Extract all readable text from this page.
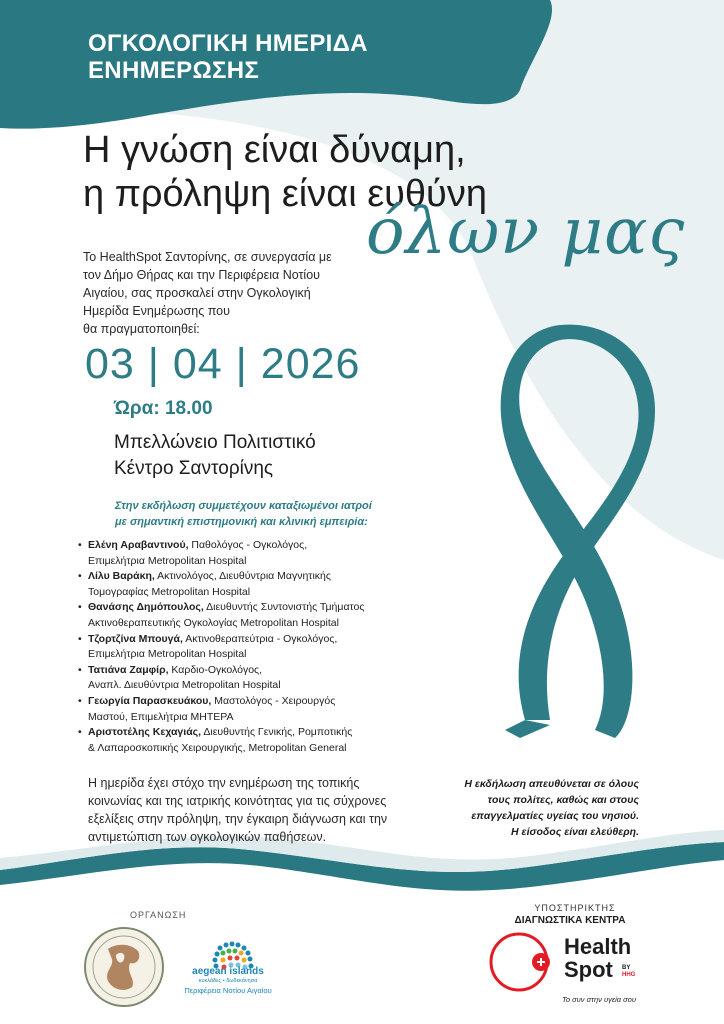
ΟΓΚΟΛΟΓΙΚΗ ΗΜΕΡΙΔΑ
ΕΝΗΜΕΡΩΣΗΣ
Η γνώση είναι δύναμη,
η πρόληψη είναι ευθύνη
όλων μας
Το HealthSpot Σαντορίνης, σε συνεργασία με
τον Δήμο Θήρας και την Περιφέρεια Νοτίου
Αιγαίου, σας προσκαλεί στην Ογκολογική
Ημερίδα Ενημέρωσης που
θα πραγματοποιηθεί:
03 | 04 | 2026
Ώρα: 18.00
Μπελλώνειο Πολιτιστικό
Κέντρο Σαντορίνης
Στην εκδήλωση συμμετέχουν καταξιωμένοι ιατροί
με σημαντική επιστημονική και κλινική εμπειρία:
• Ελένη Αραβαντινού, Παθολόγος - Ογκολόγος,
Επιμελήτρια Metropolitan Hospital
• Λίλυ Βαράκη, Ακτινολόγος, Διευθύντρια Μαγνητικής
Τομογραφίας Metropolitan Hospital
• Θανάσης Δημόπουλος, Διευθυντής Συντονιστής Τμήματος
Ακτινοθεραπευτικής Ογκολογίας Metropolitan Hospital
• Τζορτζίνα Μπουγά, Ακτινοθεραπεύτρια - Ογκολόγος,
Επιμελήτρια Metropolitan Hospital
• Τατιάνα Ζαμφίρ, Καρδιο-Ογκολόγος,
Αναπλ. Διευθύντρια Metropolitan Hospital
• Γεωργία Παρασκευάκου, Μαστολόγος - Χειρουργός
Μαστού, Επιμελήτρια ΜΗΤΕΡΑ
• Αριστοτέλης Κεχαγιάς, Διευθυντής Γενικής, Ρομποτικής
& Λαπαροσκοπικής Χειρουργικής, Metropolitan General
Η ημερίδα έχει στόχο την ενημέρωση της τοπικής
κοινωνίας και της ιατρικής κοινότητας για τις σύχρονες
εξελίξεις στην πρόληψη, την έγκαιρη διάγνωση και την
αντιμετώπιση των ογκολογικών παθήσεων.
Η εκδήλωση απευθύνεται σε όλους
τους πολίτες, καθώς και στους
επαγγελματίες υγείας του νησιού.
Η είσοδος είναι ελεύθερη.
ΟΡΓΑΝΩΣΗ
aegean islands
κυκλάδες • δωδεκάνησα
Περιφέρεια Νοτίου Αιγαίου
ΥΠΟΣΤΗΡΙΚΤΗΣ
ΔΙΑΓΝΩΣΤΙΚΑ ΚΕΝΤΡΑ
Health
Spot	BY
HHG
Το συν στην υγεία σου
